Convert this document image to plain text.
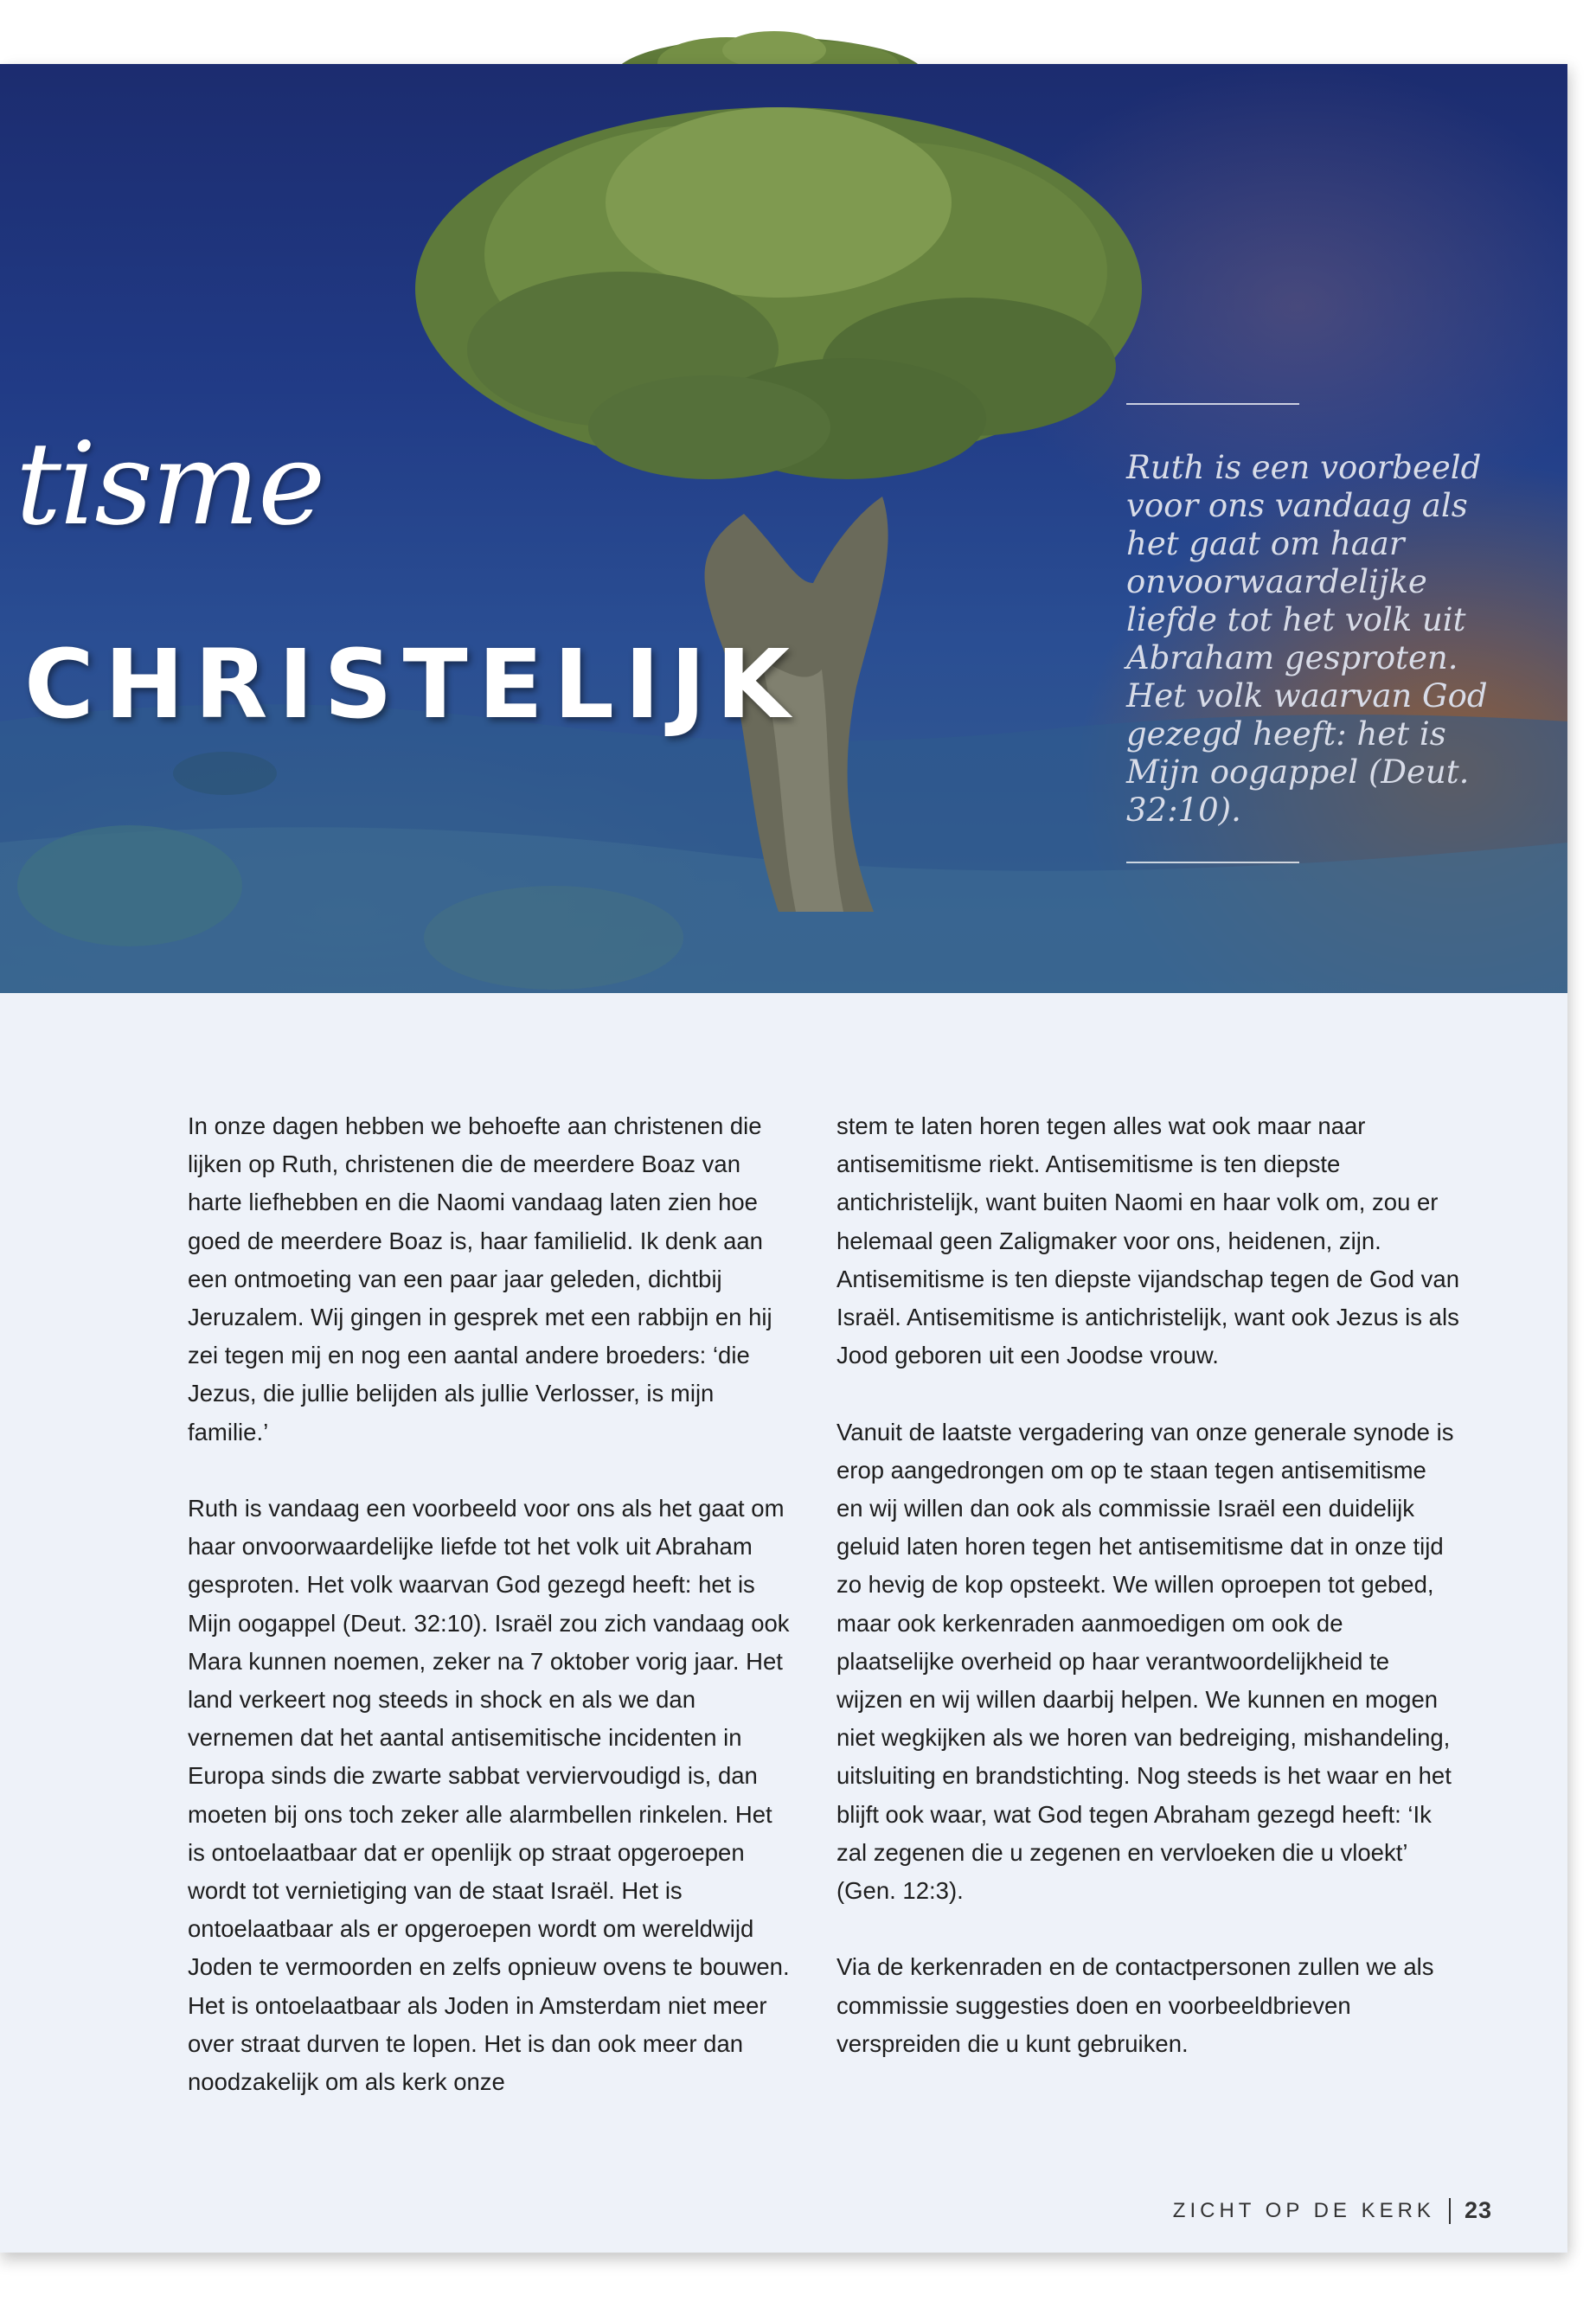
tisme
CHRISTELIJK

Ruth is een voorbeeld voor ons vandaag als het gaat om haar onvoorwaardelijke liefde tot het volk uit Abraham gesproten. Het volk waarvan God gezegd heeft: het is Mijn oogappel (Deut. 32:10).

In onze dagen hebben we behoefte aan christenen die lijken op Ruth, christenen die de meerdere Boaz van harte liefhebben en die Naomi vandaag laten zien hoe goed de meerdere Boaz is, haar familielid. Ik denk aan een ontmoeting van een paar jaar geleden, dichtbij Jeruzalem. Wij gingen in gesprek met een rabbijn en hij zei tegen mij en nog een aantal andere broeders: ‘die Jezus, die jullie belijden als jullie Verlosser, is mijn familie.’

Ruth is vandaag een voorbeeld voor ons als het gaat om haar onvoorwaardelijke liefde tot het volk uit Abraham gesproten. Het volk waarvan God gezegd heeft: het is Mijn oogappel (Deut. 32:10). Israël zou zich vandaag ook Mara kunnen noemen, zeker na 7 oktober vorig jaar. Het land verkeert nog steeds in shock en als we dan vernemen dat het aantal antisemitische incidenten in Europa sinds die zwarte sabbat verviervoudigd is, dan moeten bij ons toch zeker alle alarmbellen rinkelen. Het is ontoelaatbaar dat er openlijk op straat opgeroepen wordt tot vernietiging van de staat Israël. Het is ontoelaatbaar als er opgeroepen wordt om wereldwijd Joden te vermoorden en zelfs opnieuw ovens te bouwen. Het is ontoelaatbaar als Joden in Amsterdam niet meer over straat durven te lopen. Het is dan ook meer dan noodzakelijk om als kerk onze

stem te laten horen tegen alles wat ook maar naar antisemitisme riekt. Antisemitisme is ten diepste antichristelijk, want buiten Naomi en haar volk om, zou er helemaal geen Zaligmaker voor ons, heidenen, zijn. Antisemitisme is ten diepste vijandschap tegen de God van Israël. Antisemitisme is antichristelijk, want ook Jezus is als Jood geboren uit een Joodse vrouw.

Vanuit de laatste vergadering van onze generale synode is erop aangedrongen om op te staan tegen antisemitisme en wij willen dan ook als commissie Israël een duidelijk geluid laten horen tegen het antisemitisme dat in onze tijd zo hevig de kop opsteekt. We willen oproepen tot gebed, maar ook kerkenraden aanmoedigen om ook de plaatselijke overheid op haar verantwoordelijkheid te wijzen en wij willen daarbij helpen. We kunnen en mogen niet wegkijken als we horen van bedreiging, mishandeling, uitsluiting en brandstichting. Nog steeds is het waar en het blijft ook waar, wat God tegen Abraham gezegd heeft: ‘Ik zal zegenen die u zegenen en vervloeken die u vloekt’ (Gen. 12:3).

Via de kerkenraden en de contactpersonen zullen we als commissie suggesties doen en voorbeeldbrieven verspreiden die u kunt gebruiken.

ZICHT OP DE KERK 23
